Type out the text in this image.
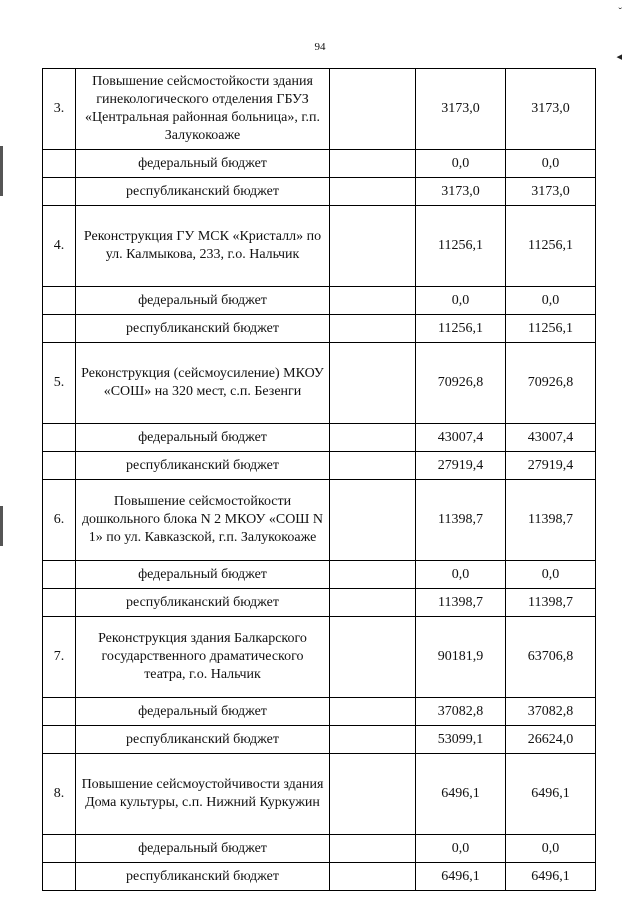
94
ˇ
◂
3.	Повышение сейсмостойкости здания гинекологического отделения ГБУЗ «Центральная районная больница», г.п. Залукокоаже		3173,0	3173,0
	федеральный бюджет		0,0	0,0
	республиканский бюджет		3173,0	3173,0
4.	Реконструкция ГУ МСК «Кристалл» по ул. Калмыкова, 233, г.о. Нальчик		11256,1	11256,1
	федеральный бюджет		0,0	0,0
	республиканский бюджет		11256,1	11256,1
5.	Реконструкция (сейсмоусиление) МКОУ «СОШ» на 320 мест, с.п. Безенги		70926,8	70926,8
	федеральный бюджет		43007,4	43007,4
	республиканский бюджет		27919,4	27919,4
6.	Повышение сейсмостойкости дошкольного блока N 2 МКОУ «СОШ N 1» по ул. Кавказской, г.п. Залукокоаже		11398,7	11398,7
	федеральный бюджет		0,0	0,0
	республиканский бюджет		11398,7	11398,7
7.	Реконструкция здания Балкарского государственного драматического театра, г.о. Нальчик		90181,9	63706,8
	федеральный бюджет		37082,8	37082,8
	республиканский бюджет		53099,1	26624,0
8.	Повышение сейсмоустойчивости здания Дома культуры, с.п. Нижний Куркужин		6496,1	6496,1
	федеральный бюджет		0,0	0,0
	республиканский бюджет		6496,1	6496,1
